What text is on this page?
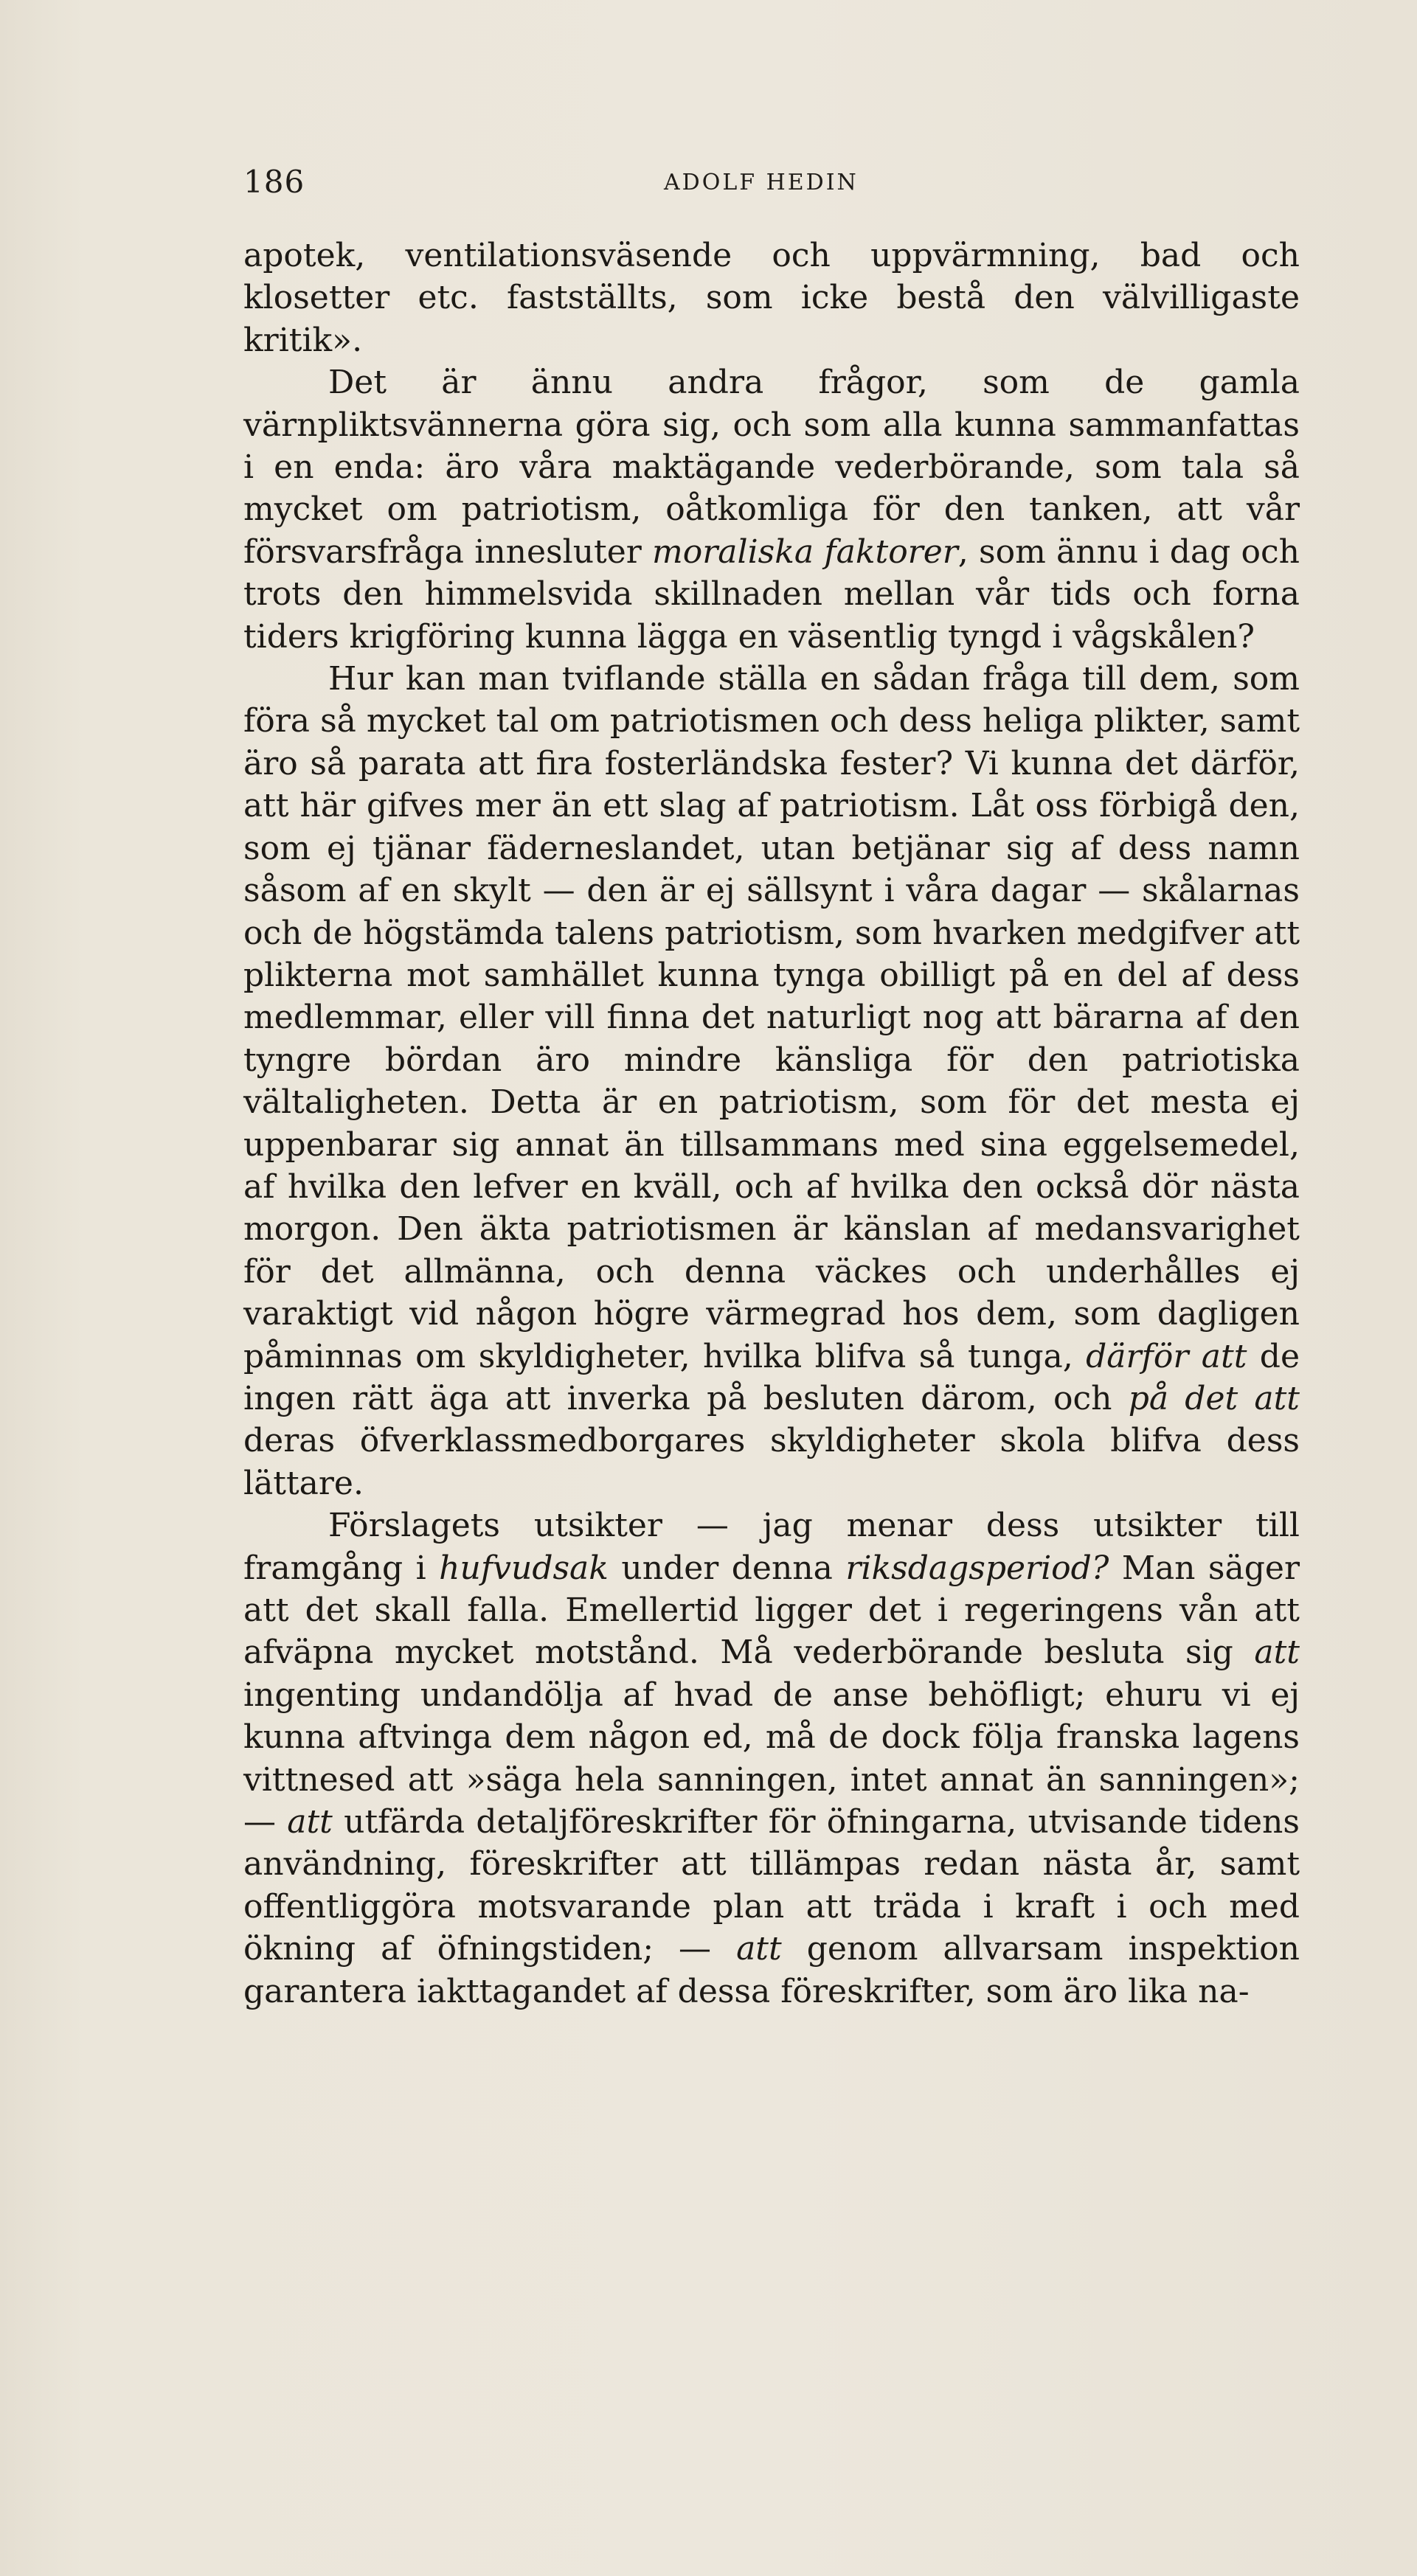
186	ADOLF HEDIN

apotek, ventilationsväsende och uppvärmning, bad och klosetter etc. fastställts, som icke bestå den välvilligaste kritik».

Det är ännu andra frågor, som de gamla värnpliktsvännerna göra sig, och som alla kunna sammanfattas i en enda: äro våra maktägande vederbörande, som tala så mycket om patriotism, oåtkomliga för den tanken, att vår försvarsfråga innesluter moraliska faktorer, som ännu i dag och trots den himmelsvida skillnaden mellan vår tids och forna tiders krigföring kunna lägga en väsentlig tyngd i vågskålen?

Hur kan man tviflande ställa en sådan fråga till dem, som föra så mycket tal om patriotismen och dess heliga plikter, samt äro så parata att fira fosterländska fester? Vi kunna det därför, att här gifves mer än ett slag af patriotism. Låt oss förbigå den, som ej tjänar fäderneslandet, utan betjänar sig af dess namn såsom af en skylt — den är ej sällsynt i våra dagar — skålarnas och de högstämda talens patriotism, som hvarken medgifver att plikterna mot samhället kunna tynga obilligt på en del af dess medlemmar, eller vill finna det naturligt nog att bärarna af den tyngre bördan äro mindre känsliga för den patriotiska vältaligheten. Detta är en patriotism, som för det mesta ej uppenbarar sig annat än tillsammans med sina eggelsemedel, af hvilka den lefver en kväll, och af hvilka den också dör nästa morgon. Den äkta patriotismen är känslan af medansvarighet för det allmänna, och denna väckes och underhålles ej varaktigt vid någon högre värmegrad hos dem, som dagligen påminnas om skyldigheter, hvilka blifva så tunga, därför att de ingen rätt äga att inverka på besluten därom, och på det att deras öfverklassmedborgares skyldigheter skola blifva dess lättare.

Förslagets utsikter — jag menar dess utsikter till framgång i hufvudsak under denna riksdagsperiod? Man säger att det skall falla. Emellertid ligger det i regeringens vån att afväpna mycket motstånd. Må vederbörande besluta sig att ingenting undandölja af hvad de anse behöfligt; ehuru vi ej kunna aftvinga dem någon ed, må de dock följa franska lagens vittnesed att »säga hela sanningen, intet annat än sanningen»; — att utfärda detaljföreskrifter för öfningarna, utvisande tidens användning, föreskrifter att tillämpas redan nästa år, samt offentliggöra motsvarande plan att träda i kraft i och med ökning af öfningstiden; — att genom allvarsam inspektion garantera iakttagandet af dessa föreskrifter, som äro lika na-
